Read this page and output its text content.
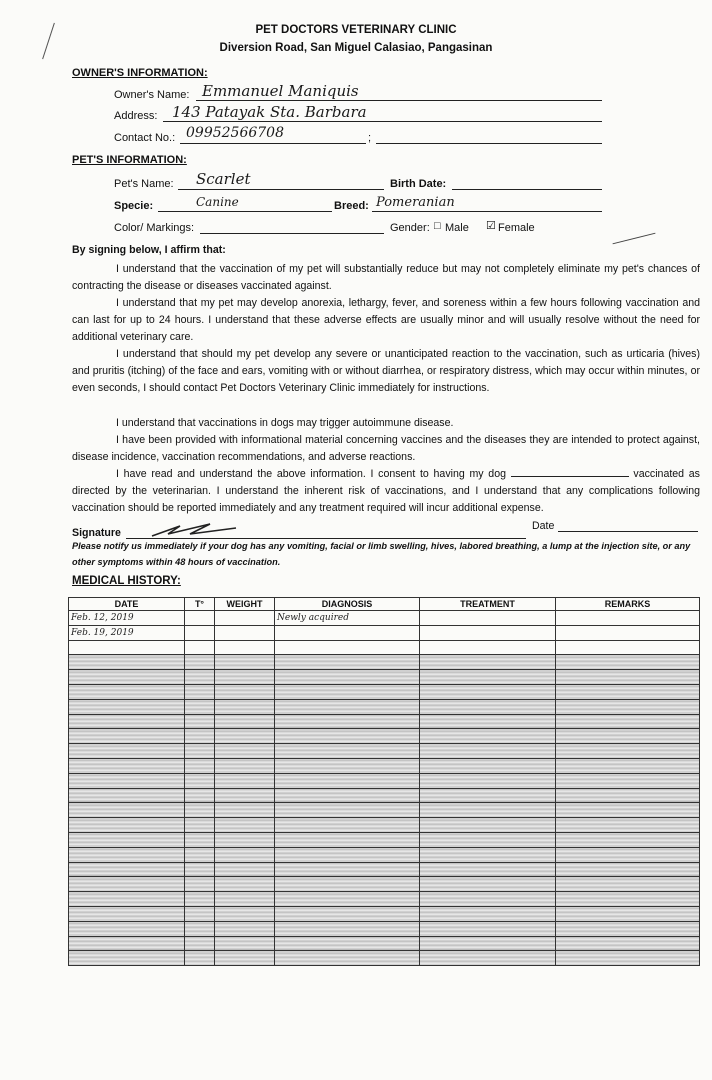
PET DOCTORS VETERINARY CLINIC
Diversion Road, San Miguel Calasiao, Pangasinan
OWNER'S INFORMATION:
Owner's Name: Emmanuel Maniquis
Address: 143 Patayak Sta. Barbara
Contact No.:	;
09952566708
PET'S INFORMATION:
Pet's Name: Scarlet	Birth Date:
Specie:	Canine	Breed: Pomeranian
Color/ Markings:	Gender: □ Male ☑ Female
By signing below, I affirm that:
I understand that the vaccination of my pet will substantially reduce but may not completely eliminate my pet's chances of contracting the disease or diseases vaccinated against.
I understand that my pet may develop anorexia, lethargy, fever, and soreness within a few hours following vaccination and can last for up to 24 hours. I understand that these adverse effects are usually minor and will usually resolve without the need for additional veterinary care.
I understand that should my pet develop any severe or unanticipated reaction to the vaccination, such as urticaria (hives) and pruritis (itching) of the face and ears, vomiting with or without diarrhea, or respiratory distress, which may occur within minutes, or even seconds, I should contact Pet Doctors Veterinary Clinic immediately for instructions.
I understand that vaccinations in dogs may trigger autoimmune disease.
I have been provided with informational material concerning vaccines and the diseases they are intended to protect against, disease incidence, vaccination recommendations, and adverse reactions.
I have read and understand the above information. I consent to having my dog	vaccinated as directed by the veterinarian. I understand the inherent risk of vaccinations, and I understand that any complications following vaccination should be reported immediately and any treatment required will incur additional expense.
Signature
Date
Please notify us immediately if your dog has any vomiting, facial or limb swelling, hives, labored breathing, a lump at the injection site, or any other symptoms within 48 hours of vaccination.
MEDICAL HISTORY:
DATE	T°	WEIGHT	DIAGNOSIS	TREATMENT	REMARKS
Feb. 12, 2019			Newly acquired		
Feb. 19, 2019					
